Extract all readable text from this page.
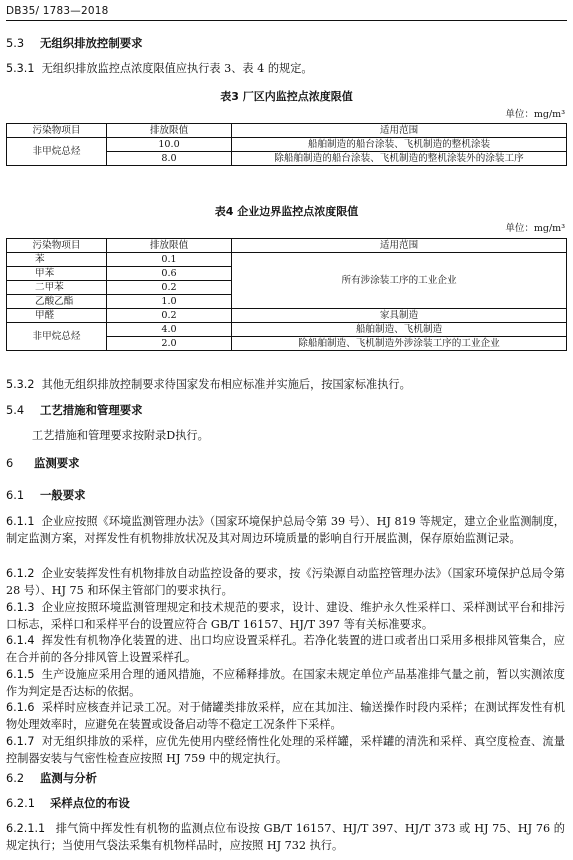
DB35/ 1783—2018
5.3 无组织排放控制要求
5.3.1 无组织排放监控点浓度限值应执行表 3、表 4 的规定。
表3 厂区内监控点浓度限值
单位：mg/m³
污染物项目	排放限值	适用范围
非甲烷总烃	10.0	船舶制造的船台涂装、飞机制造的整机涂装
	8.0	除船舶制造的船台涂装、飞机制造的整机涂装外的涂装工序
表4 企业边界监控点浓度限值
单位：mg/m³
污染物项目	排放限值	适用范围
苯	0.1	所有涉涂装工序的工业企业
甲苯	0.6	
二甲苯	0.2	
乙酸乙酯	1.0	
甲醛	0.2	家具制造
非甲烷总烃	4.0	船舶制造、飞机制造
	2.0	除船舶制造、飞机制造外涉涂装工序的工业企业
5.3.2 其他无组织排放控制要求待国家发布相应标准并实施后，按国家标准执行。
5.4 工艺措施和管理要求
工艺措施和管理要求按附录D执行。
6 监测要求
6.1 一般要求
6.1.1 企业应按照《环境监测管理办法》（国家环境保护总局令第 39 号）、HJ 819 等规定，建立企业监测制度，制定监测方案，对挥发性有机物排放状况及其对周边环境质量的影响自行开展监测，保存原始监测记录。
6.1.2 企业安装挥发性有机物排放自动监控设备的要求，按《污染源自动监控管理办法》（国家环境保护总局令第 28 号）、HJ 75 和环保主管部门的要求执行。
6.1.3 企业应按照环境监测管理规定和技术规范的要求，设计、建设、维护永久性采样口、采样测试平台和排污口标志，采样口和采样平台的设置应符合 GB/T 16157、HJ/T 397 等有关标准要求。
6.1.4 挥发性有机物净化装置的进、出口均应设置采样孔。若净化装置的进口或者出口采用多根排风管集合，应在合并前的各分排风管上设置采样孔。
6.1.5 生产设施应采用合理的通风措施，不应稀释排放。在国家未规定单位产品基准排气量之前，暂以实测浓度作为判定是否达标的依据。
6.1.6 采样时应核查并记录工况。对于储罐类排放采样，应在其加注、输送操作时段内采样；在测试挥发性有机物处理效率时，应避免在装置或设备启动等不稳定工况条件下采样。
6.1.7 对无组织排放的采样，应优先使用内壁经惰性化处理的采样罐，采样罐的清洗和采样、真空度检查、流量控制器安装与气密性检查应按照 HJ 759 中的规定执行。
6.2 监测与分析
6.2.1 采样点位的布设
6.2.1.1 排气筒中挥发性有机物的监测点位布设按 GB/T 16157、HJ/T 397、HJ/T 373 或 HJ 75、HJ 76 的规定执行；当使用气袋法采集有机物样品时，应按照 HJ 732 执行。
